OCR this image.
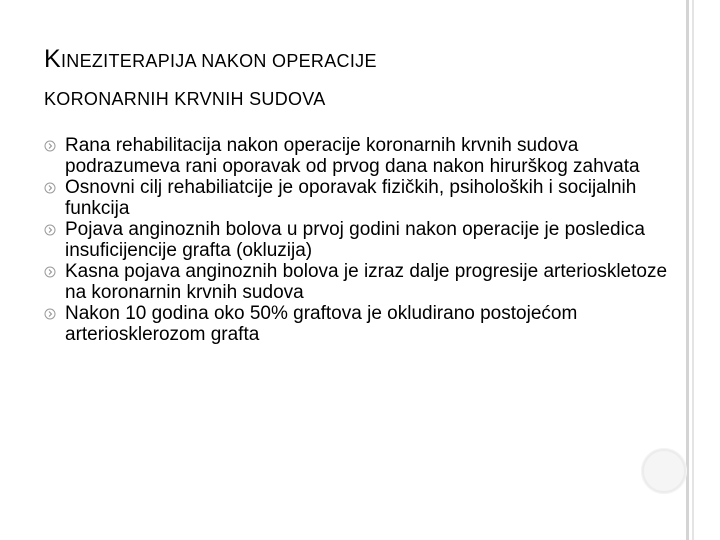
KINEZITERAPIJA NAKON OPERACIJE
KORONARNIH KRVNIH SUDOVA
Rana rehabilitacija nakon operacije koronarnih krvnih sudova podrazumeva rani oporavak od prvog dana nakon hirurškog zahvata
Osnovni cilj rehabiliatcije je oporavak fizičkih, psiholoških i socijalnih funkcija
Pojava anginoznih bolova u prvoj godini nakon operacije je posledica insuficijencije grafta (okluzija)
Kasna pojava anginoznih bolova je izraz dalje progresije arterioskletoze na koronarnin krvnih sudova
Nakon 10 godina oko 50% graftova je okludirano postojećom arteriosklerozom grafta
